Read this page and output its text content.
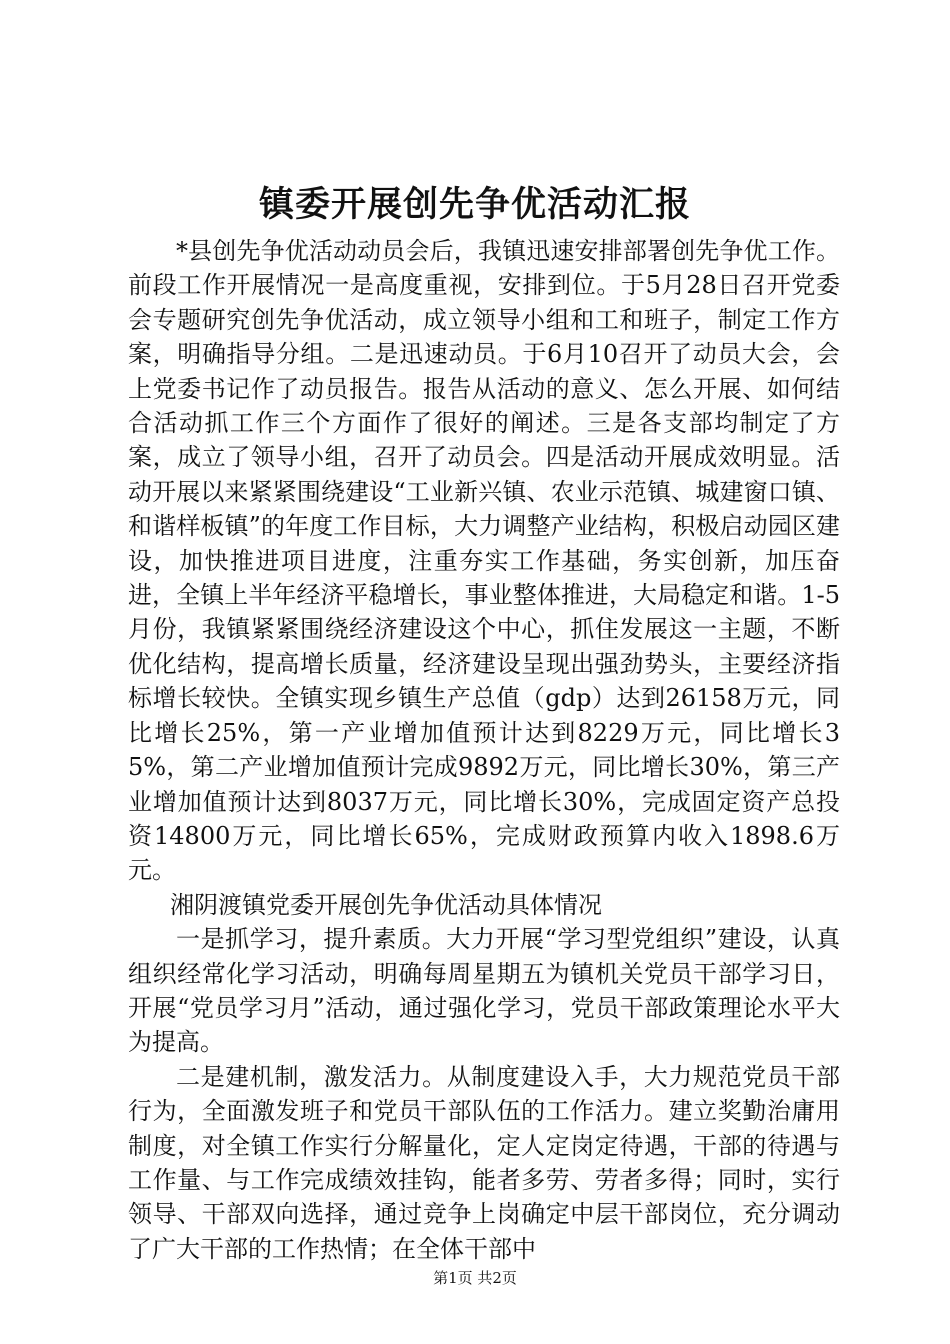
镇委开展创先争优活动汇报

*县创先争优活动动员会后，我镇迅速安排部署创先争优工作。前段工作开展情况一是高度重视，安排到位。于5月28日召开党委会专题研究创先争优活动，成立领导小组和工和班子，制定工作方案，明确指导分组。二是迅速动员。于6月10召开了动员大会，会上党委书记作了动员报告。报告从活动的意义、怎么开展、如何结合活动抓工作三个方面作了很好的阐述。三是各支部均制定了方案，成立了领导小组，召开了动员会。四是活动开展成效明显。活动开展以来紧紧围绕建设“工业新兴镇、农业示范镇、城建窗口镇、和谐样板镇”的年度工作目标，大力调整产业结构，积极启动园区建设，加快推进项目进度，注重夯实工作基础，务实创新，加压奋进，全镇上半年经济平稳增长，事业整体推进，大局稳定和谐。1-5月份，我镇紧紧围绕经济建设这个中心，抓住发展这一主题，不断优化结构，提高增长质量，经济建设呈现出强劲势头，主要经济指标增长较快。全镇实现乡镇生产总值（gdp）达到26158万元，同比增长25%，第一产业增加值预计达到8229万元，同比增长35%，第二产业增加值预计完成9892万元，同比增长30%，第三产业增加值预计达到8037万元，同比增长30%，完成固定资产总投资14800万元，同比增长65%，完成财政预算内收入1898.6万元。

湘阴渡镇党委开展创先争优活动具体情况

一是抓学习，提升素质。大力开展“学习型党组织”建设，认真组织经常化学习活动，明确每周星期五为镇机关党员干部学习日，开展“党员学习月”活动，通过强化学习，党员干部政策理论水平大为提高。

二是建机制，激发活力。从制度建设入手，大力规范党员干部行为，全面激发班子和党员干部队伍的工作活力。建立奖勤治庸用制度，对全镇工作实行分解量化，定人定岗定待遇，干部的待遇与工作量、与工作完成绩效挂钩，能者多劳、劳者多得；同时，实行领导、干部双向选择，通过竞争上岗确定中层干部岗位，充分调动了广大干部的工作热情；在全体干部中

第1页 共2页
